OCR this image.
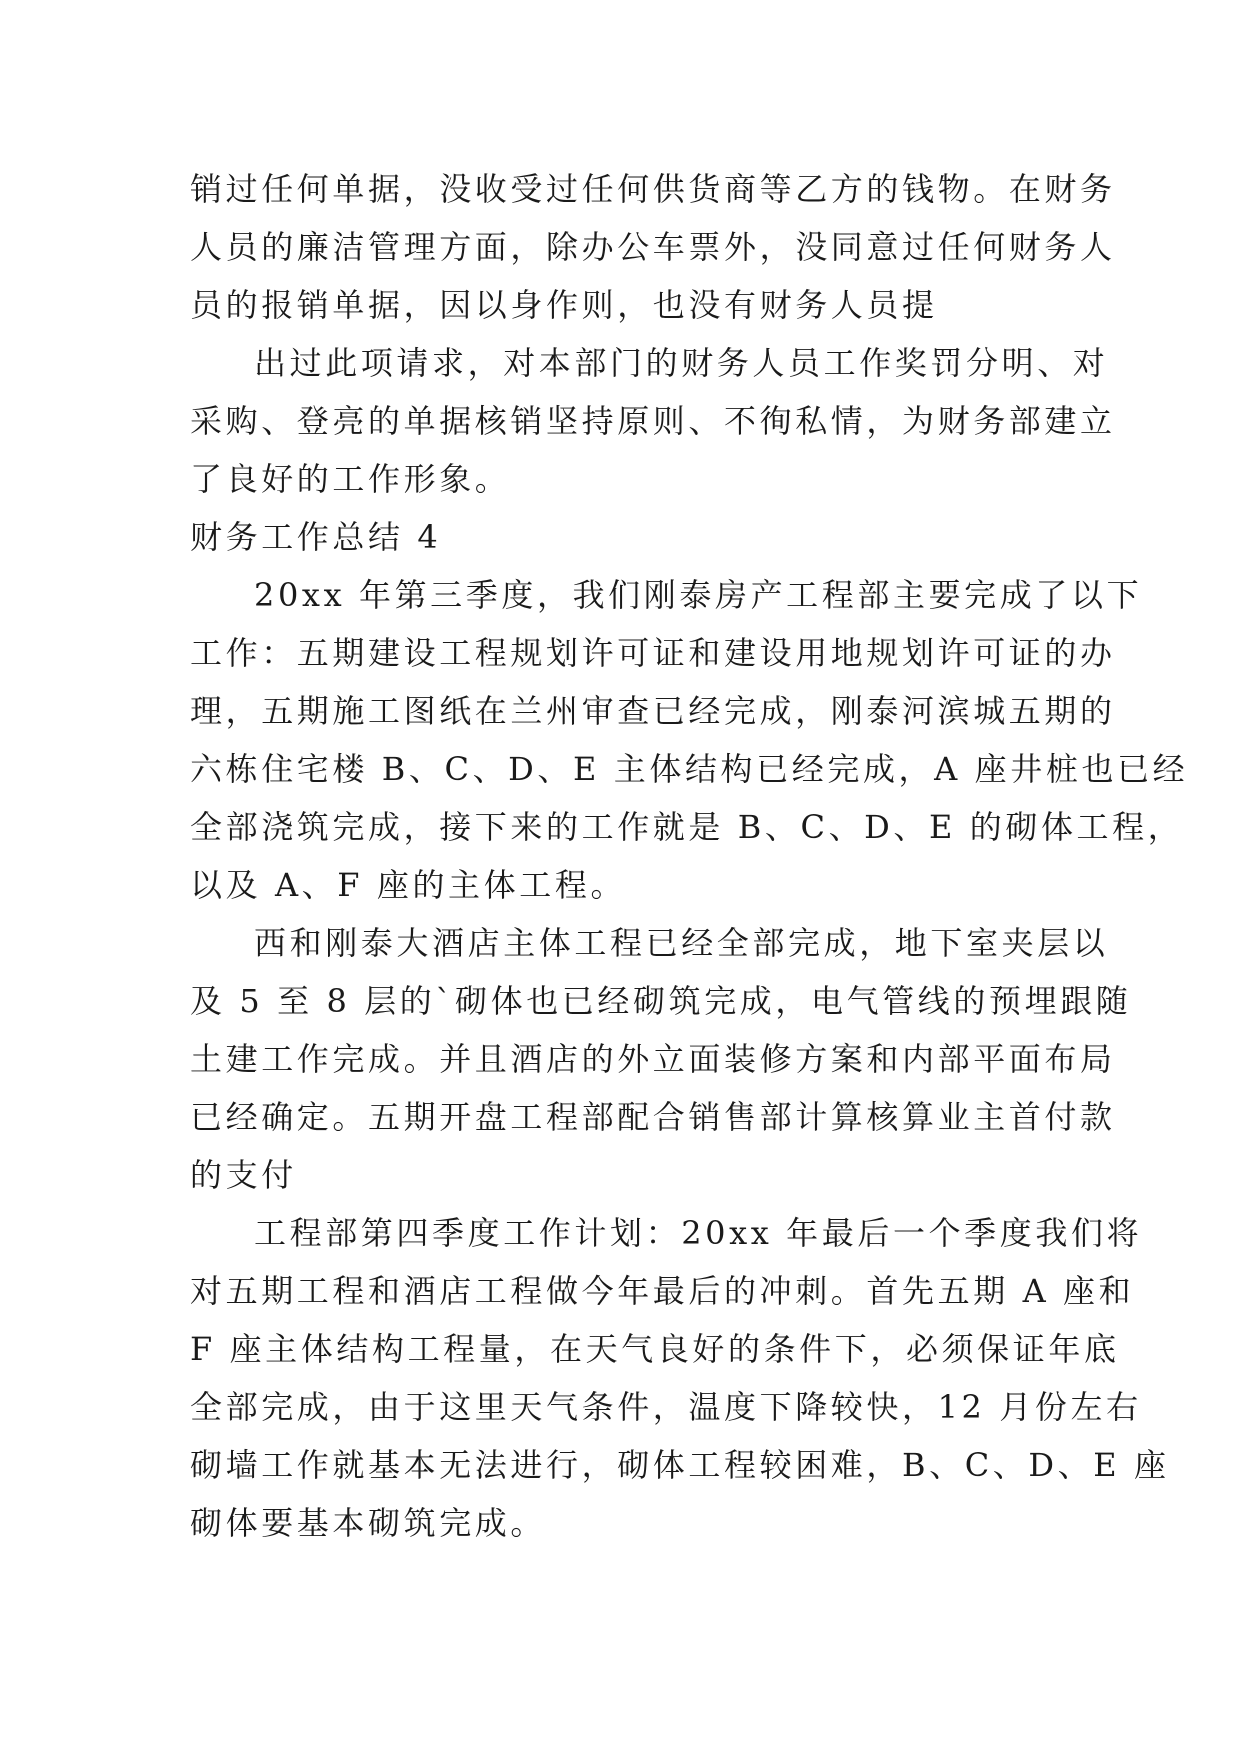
销过任何单据，没收受过任何供货商等乙方的钱物。在财务
人员的廉洁管理方面，除办公车票外，没同意过任何财务人
员的报销单据，因以身作则，也没有财务人员提

出过此项请求，对本部门的财务人员工作奖罚分明、对
采购、登亮的单据核销坚持原则、不徇私情，为财务部建立
了良好的工作形象。

财务工作总结 4

20xx 年第三季度，我们刚泰房产工程部主要完成了以下
工作：五期建设工程规划许可证和建设用地规划许可证的办
理，五期施工图纸在兰州审查已经完成，刚泰河滨城五期的
六栋住宅楼 B、C、D、E 主体结构已经完成，A 座井桩也已经
全部浇筑完成，接下来的工作就是 B、C、D、E 的砌体工程，
以及 A、F 座的主体工程。

西和刚泰大酒店主体工程已经全部完成，地下室夹层以
及 5 至 8 层的`砌体也已经砌筑完成，电气管线的预埋跟随
土建工作完成。并且酒店的外立面装修方案和内部平面布局
已经确定。五期开盘工程部配合销售部计算核算业主首付款
的支付

工程部第四季度工作计划：20xx 年最后一个季度我们将
对五期工程和酒店工程做今年最后的冲刺。首先五期 A 座和
F 座主体结构工程量，在天气良好的条件下，必须保证年底
全部完成，由于这里天气条件，温度下降较快，12 月份左右
砌墙工作就基本无法进行，砌体工程较困难，B、C、D、E 座
砌体要基本砌筑完成。
